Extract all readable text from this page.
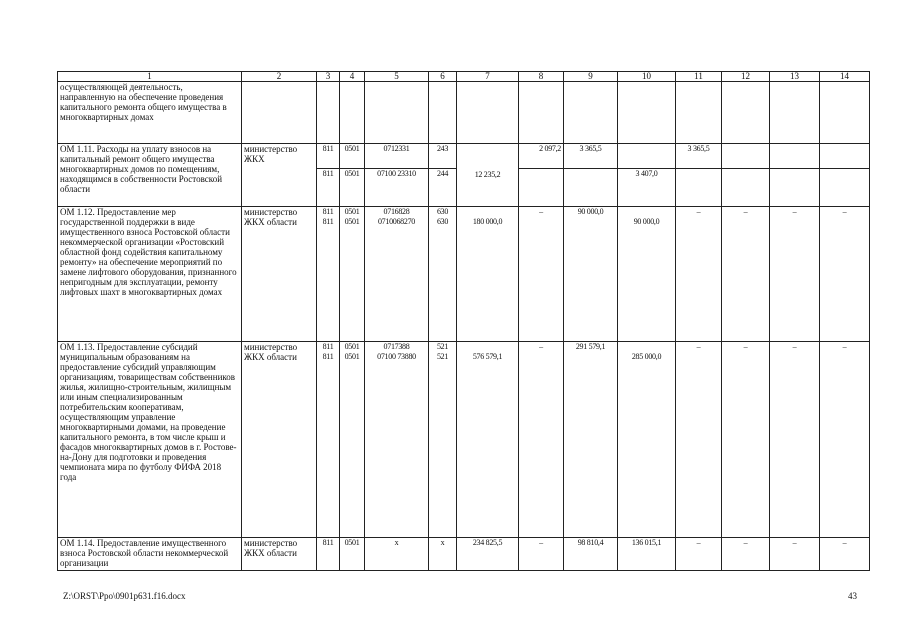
1	2	3	4	5	6	7	8	9	10	11	12	13	14
осуществляющей деятельность, направленную на обеспечение проведения капитального ремонта общего имущества в многоквартирных домах													
ОМ 1.11. Расходы на уплату взносов на капитальный ремонт общего имущества многоквартирных домов по помещениям, находящимся в собственности Ростовской области	министерство ЖКХ	811	0501	0712331	243	12 235,2	2 097,2	3 365,5		3 365,5			
		811	0501	07100 23310	244				3 407,0				
ОМ 1.12. Предоставление мер государственной поддержки в виде имущественного взноса Ростовской области некоммерческой организации «Ростовский областной фонд содействия капитальному ремонту» на обеспечение мероприятий по замене лифтового оборудования, признанного непригодным для эксплуатации, ремонту лифтовых шахт в многоквартирных домах	министерство ЖКХ области	811	0501	0716828	630	180 000,0	–	90 000,0	90 000,0	–	–	–	–
		811	0501	0710068270	630								
ОМ 1.13. Предоставление субсидий муниципальным образованиям на предоставление субсидий управляющим организациям, товариществам собственников жилья, жилищно-строительным, жилищным или иным специализированным потребительским кооперативам, осуществляющим управление многоквартирными домами, на проведение капитального ремонта, в том числе крыш и фасадов многоквартирных домов в г. Ростове-на-Дону для подготовки и проведения чемпионата мира по футболу ФИФА 2018 года	министерство ЖКХ области	811	0501	0717388	521	576 579,1	–	291 579,1	285 000,0	–	–	–	–
		811	0501	07100 73880	521								
ОМ 1.14. Предоставление имущественного взноса Ростовской области некоммерческой организации	министерство ЖКХ области	811	0501	х	х	234 825,5	–	98 810,4	136 015,1	–	–	–	–
Z:\ORST\Ppo\0901p631.f16.docx	43
